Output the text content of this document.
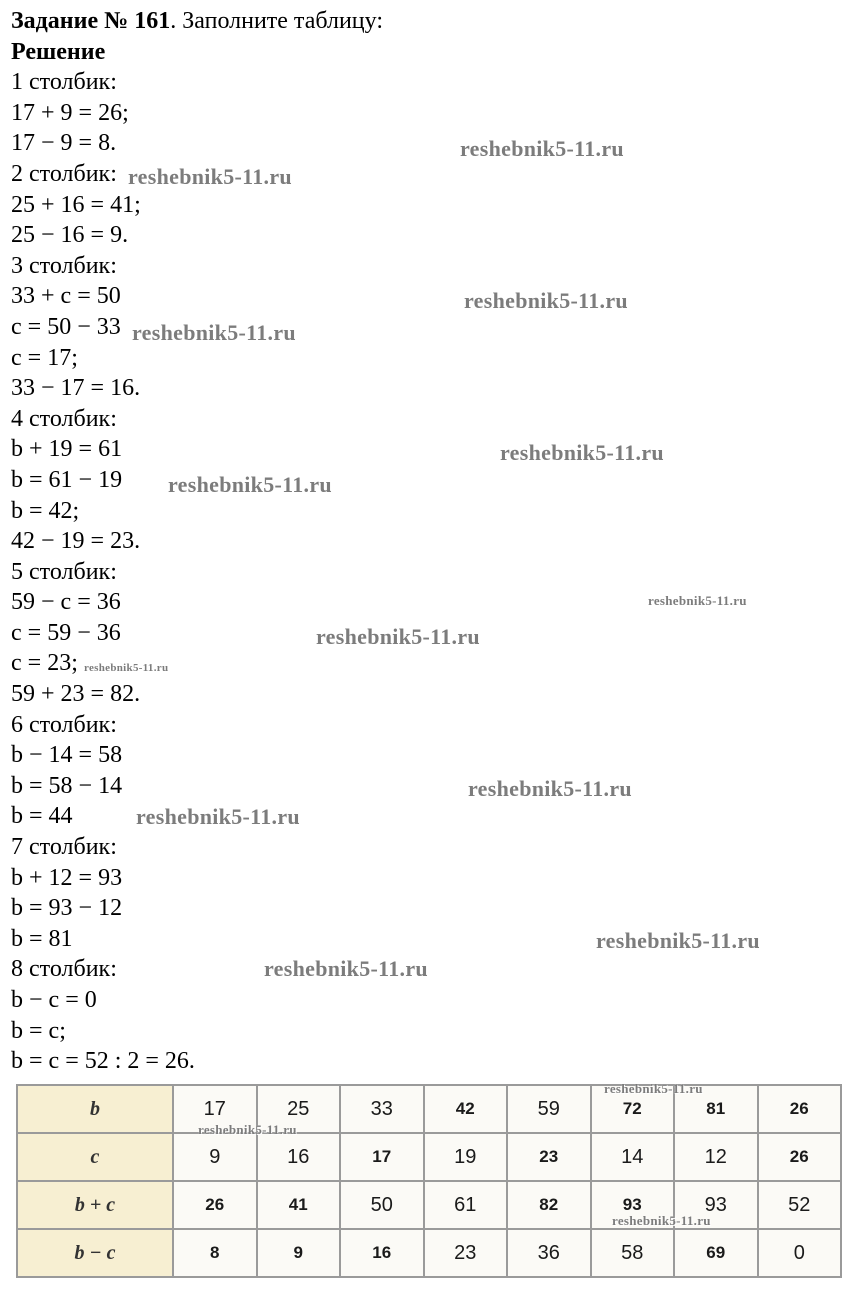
Задание № 161. Заполните таблицу:
Решение
1 столбик:
17 + 9 = 26;
17 − 9 = 8.
2 столбик:
25 + 16 = 41;
25 − 16 = 9.
3 столбик:
33 + c = 50
c = 50 − 33
c = 17;
33 − 17 = 16.
4 столбик:
b + 19 = 61
b = 61 − 19
b = 42;
42 − 19 = 23.
5 столбик:
59 − c = 36
c = 59 − 36
c = 23;
59 + 23 = 82.
6 столбик:
b − 14 = 58
b = 58 − 14
b = 44
7 столбик:
b + 12 = 93
b = 93 − 12
b = 81
8 столбик:
b − c = 0
b = c;
b = c = 52 : 2 = 26.
reshebnik5-11.ru
reshebnik5-11.ru
reshebnik5-11.ru
reshebnik5-11.ru
reshebnik5-11.ru
reshebnik5-11.ru
reshebnik5-11.ru
reshebnik5-11.ru
reshebnik5-11.ru
reshebnik5-11.ru
reshebnik5-11.ru
reshebnik5-11.ru
reshebnik5-11.ru
b	17	25	33	42	59	72	81	26
c	9	16	17	19	23	14	12	26
b + c	26	41	50	61	82	93	93	52
b − c	8	9	16	23	36	58	69	0
reshebnik5-11.ru
reshebnik5-11.ru
reshebnik5-11.ru
